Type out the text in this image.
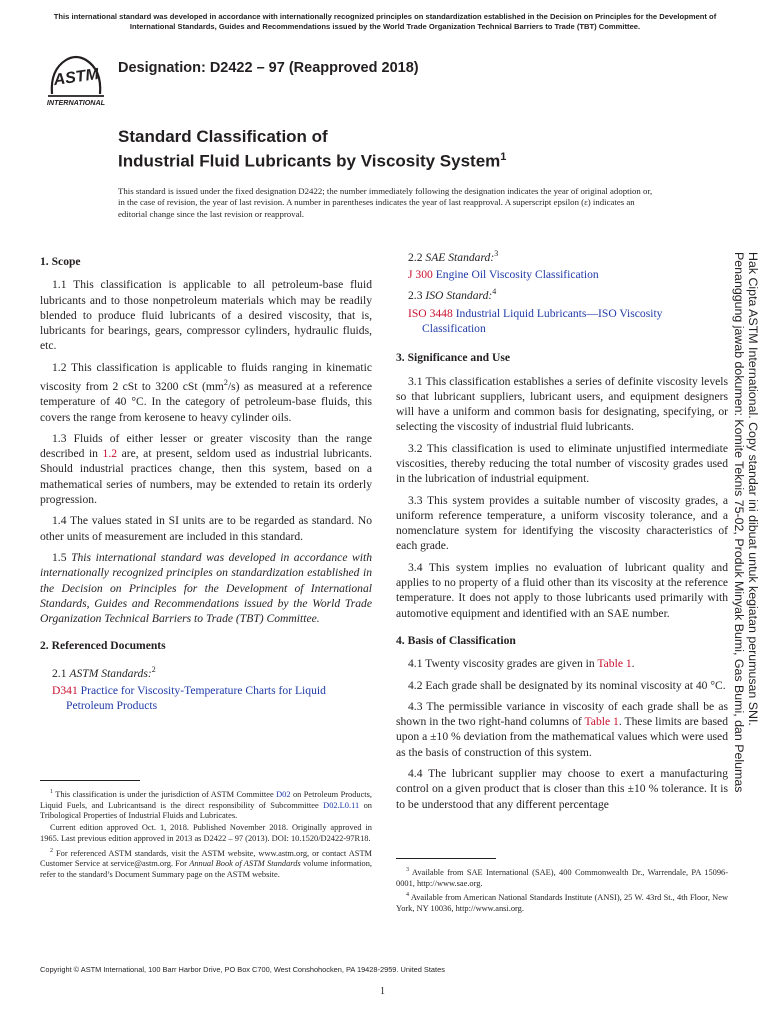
This international standard was developed in accordance with internationally recognized principles on standardization established in the Decision on Principles for the Development of International Standards, Guides and Recommendations issued by the World Trade Organization Technical Barriers to Trade (TBT) Committee.
ASTM
INTERNATIONAL
Designation: D2422 – 97 (Reapproved 2018)
Standard Classification of
Industrial Fluid Lubricants by Viscosity System$^1$
This standard is issued under the fixed designation D2422; the number immediately following the designation indicates the year of original adoption or, in the case of revision, the year of last revision. A number in parentheses indicates the year of last reapproval. A superscript epsilon (ε) indicates an editorial change since the last revision or reapproval.
1. Scope

1.1 This classification is applicable to all petroleum-base fluid lubricants and to those nonpetroleum materials which may be readily blended to produce fluid lubricants of a desired viscosity, that is, lubricants for bearings, gears, compressor cylinders, hydraulic fluids, etc.

1.2 This classification is applicable to fluids ranging in kinematic viscosity from 2 cSt to 3200 cSt $(mm^2/s)$ as measured at a reference temperature of 40 °C. In the category of petroleum-base fluids, this covers the range from kerosene to heavy cylinder oils.

1.3 Fluids of either lesser or greater viscosity than the range described in 1.2 are, at present, seldom used as industrial lubricants. Should industrial practices change, then this system, based on a mathematical series of numbers, may be extended to retain its orderly progression.

1.4 The values stated in SI units are to be regarded as standard. No other units of measurement are included in this standard.

1.5 This international standard was developed in accordance with internationally recognized principles on standardization established in the Decision on Principles for the Development of International Standards, Guides and Recommendations issued by the World Trade Organization Technical Barriers to Trade (TBT) Committee.

2. Referenced Documents
2.1 ASTM Standards:$^2$
D341 Practice for Viscosity-Temperature Charts for Liquid Petroleum Products
$^1$ This classification is under the jurisdiction of ASTM Committee D02 on Petroleum Products, Liquid Fuels, and Lubricantsand is the direct responsibility of Subcommittee D02.L0.11 on Tribological Properties of Industrial Fluids and Lubricates.
Current edition approved Oct. 1, 2018. Published November 2018. Originally approved in 1965. Last previous edition approved in 2013 as D2422 – 97 (2013). DOI: 10.1520/D2422-97R18.
$^2$ For referenced ASTM standards, visit the ASTM website, www.astm.org, or contact ASTM Customer Service at service@astm.org. For Annual Book of ASTM Standards volume information, refer to the standard’s Document Summary page on the ASTM website.
2.2 SAE Standard:$^3$
J 300 Engine Oil Viscosity Classification
2.3 ISO Standard:$^4$
ISO 3448 Industrial Liquid Lubricants—ISO Viscosity Classification
3. Significance and Use

3.1 This classification establishes a series of definite viscosity levels so that lubricant suppliers, lubricant users, and equipment designers will have a uniform and common basis for designating, specifying, or selecting the viscosity of industrial fluid lubricants.

3.2 This classification is used to eliminate unjustified intermediate viscosities, thereby reducing the total number of viscosity grades used in the lubrication of industrial equipment.

3.3 This system provides a suitable number of viscosity grades, a uniform reference temperature, a uniform viscosity tolerance, and a nomenclature system for identifying the viscosity characteristics of each grade.

3.4 This system implies no evaluation of lubricant quality and applies to no property of a fluid other than its viscosity at the reference temperature. It does not apply to those lubricants used primarily with automotive equipment and identified with an SAE number.

4. Basis of Classification

4.1 Twenty viscosity grades are given in Table 1.

4.2 Each grade shall be designated by its nominal viscosity at 40 °C.

4.3 The permissible variance in viscosity of each grade shall be as shown in the two right-hand columns of Table 1. These limits are based upon a ±10 % deviation from the mathematical values which were used as the basis of construction of this system.

4.4 The lubricant supplier may choose to exert a manufacturing control on a given product that is closer than this ±10 % tolerance. It is to be understood that any different percentage

$^3$ Available from SAE International (SAE), 400 Commonwealth Dr., Warrendale, PA 15096-0001, http://www.sae.org.
$^4$ Available from American National Standards Institute (ANSI), 25 W. 43rd St., 4th Floor, New York, NY 10036, http://www.ansi.org.
Hak Cipta ASTM International. Copy standar ini dibuat untuk kegiatan perumusan SNI.
Penanggung jawab dokumen: Komite Teknis 75-02, Produk Minyak Bumi, Gas Bumi, dan Pelumas
Copyright © ASTM International, 100 Barr Harbor Drive, PO Box C700, West Conshohocken, PA 19428-2959. United States
1
